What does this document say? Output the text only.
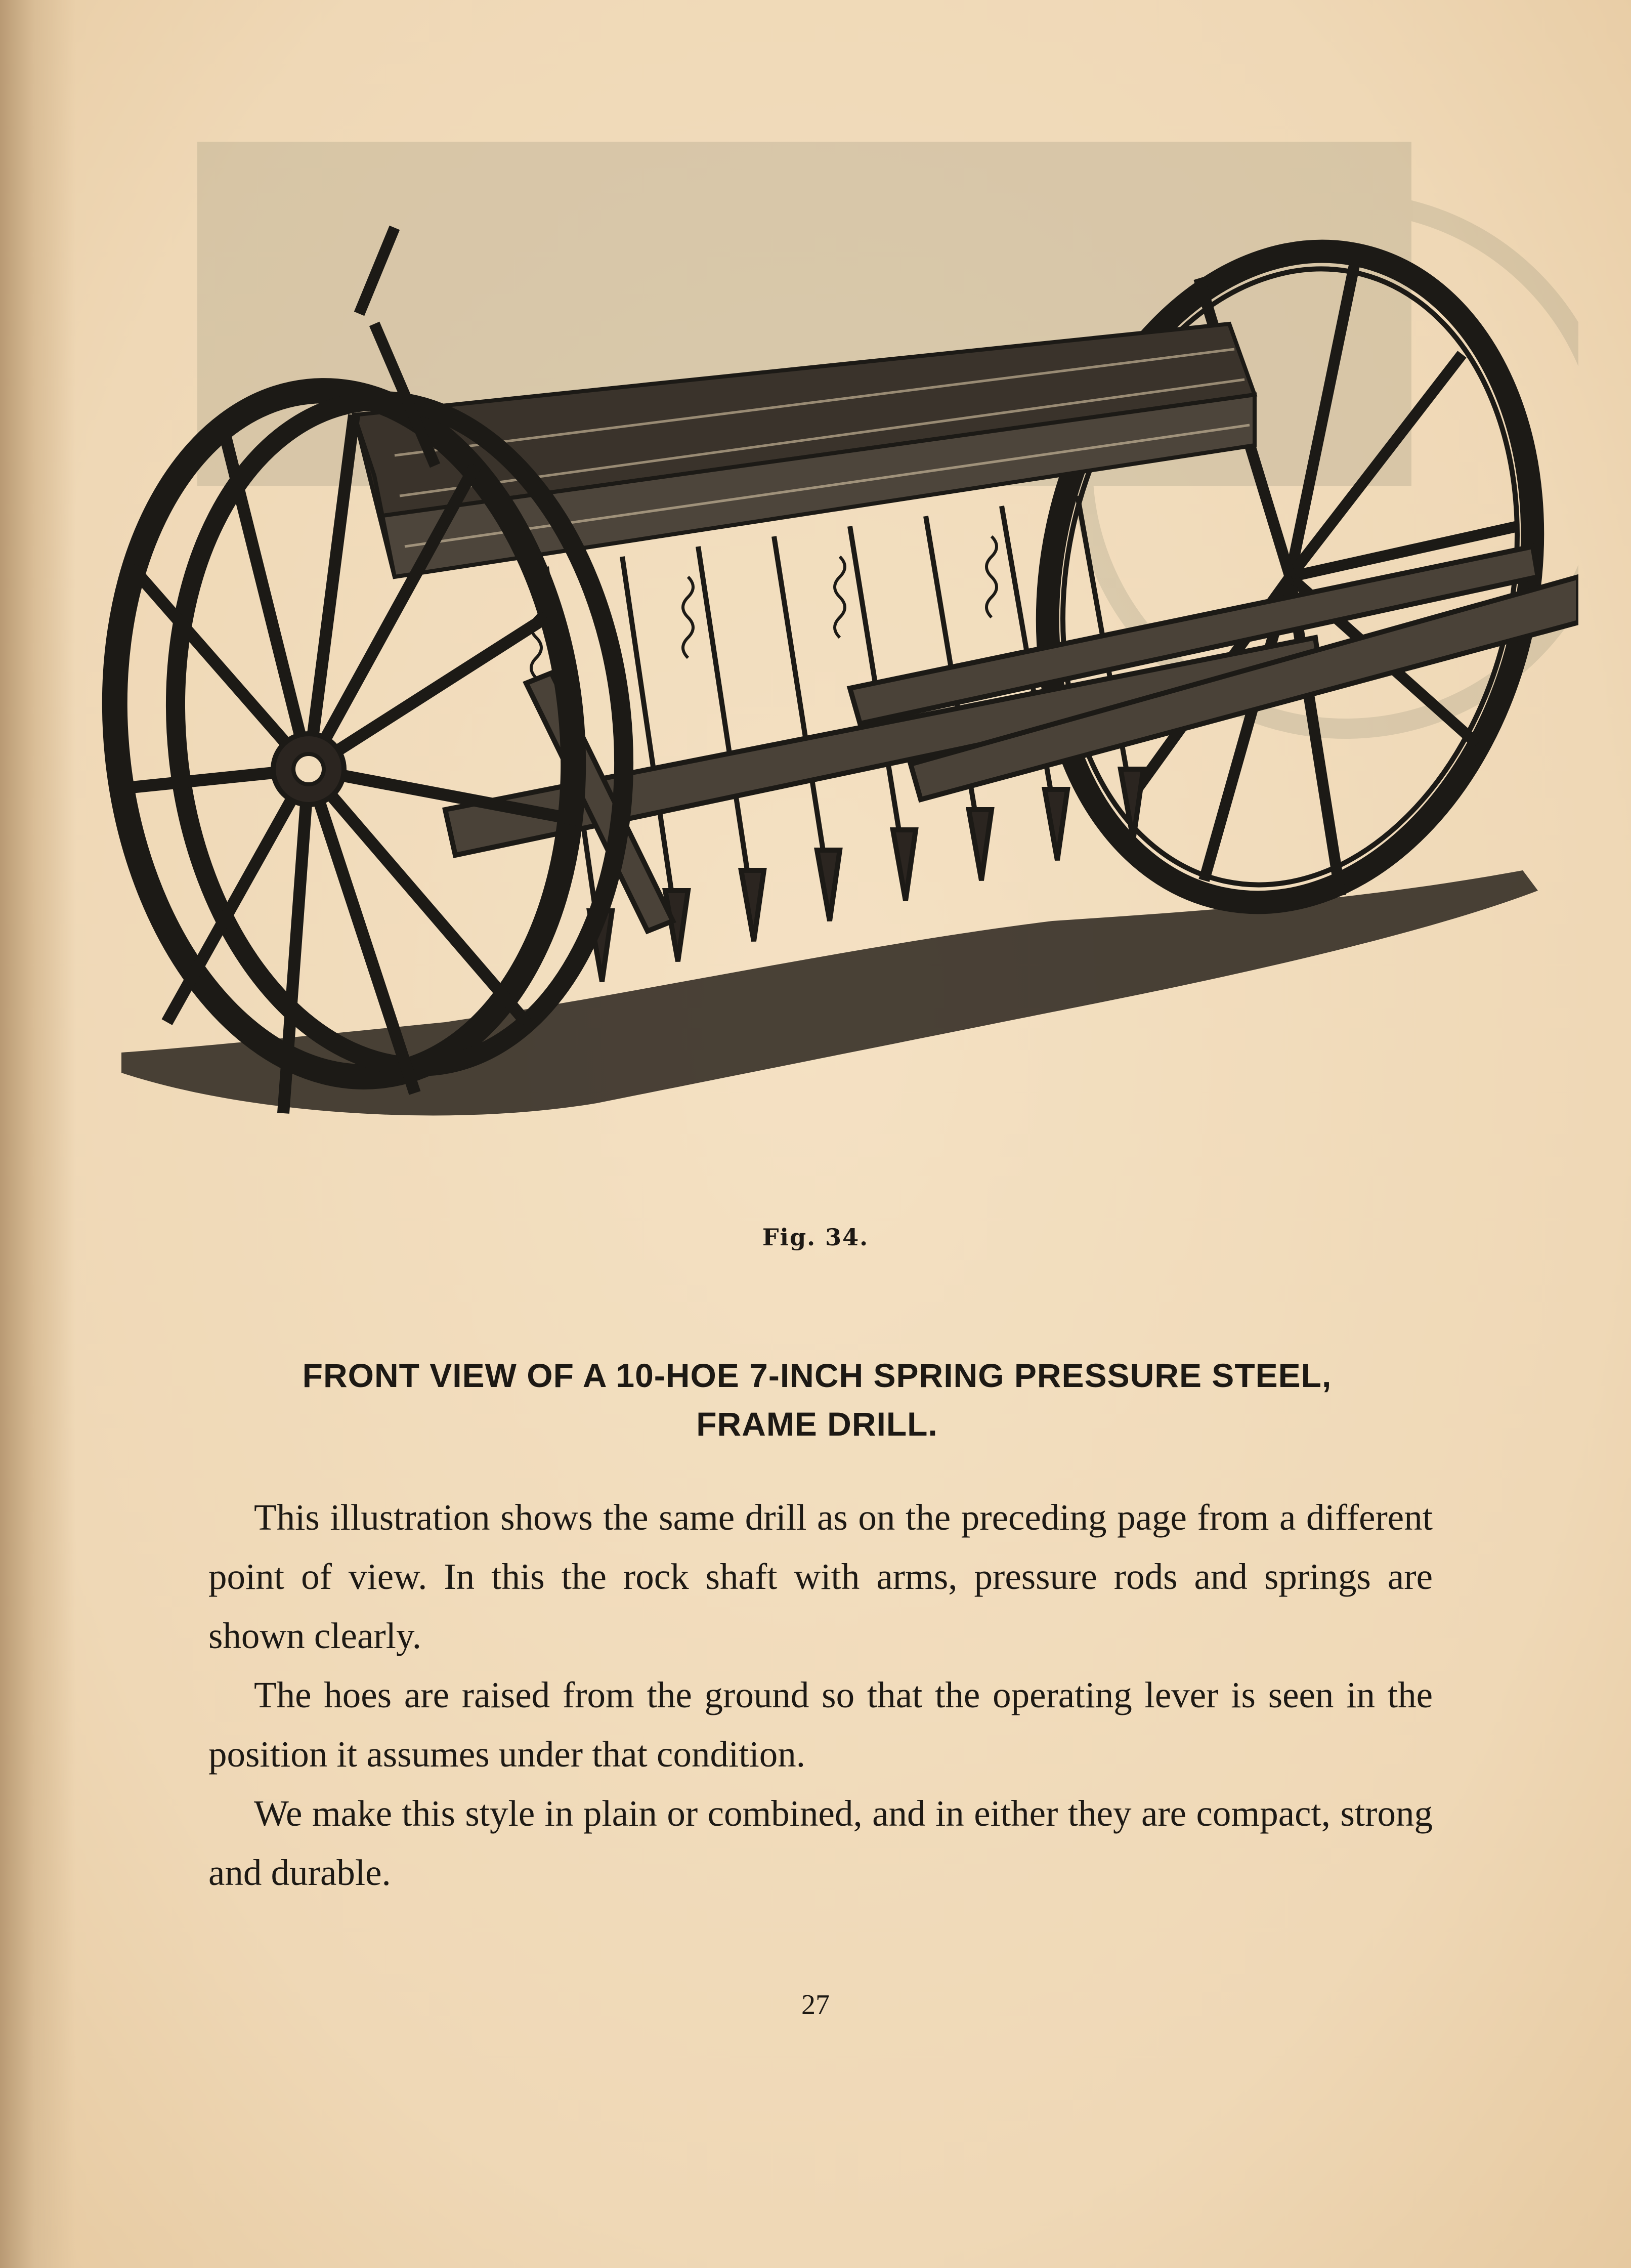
Fig. 34.
FRONT VIEW OF A 10-HOE 7-INCH SPRING PRESSURE STEEL,
FRAME DRILL.

This illustration shows the same drill as on the preceding page from a different point of view. In this the rock shaft with arms, pressure rods and springs are shown clearly.

The hoes are raised from the ground so that the operating lever is seen in the position it assumes under that condition.

We make this style in plain or combined, and in either they are compact, strong and durable.

27
